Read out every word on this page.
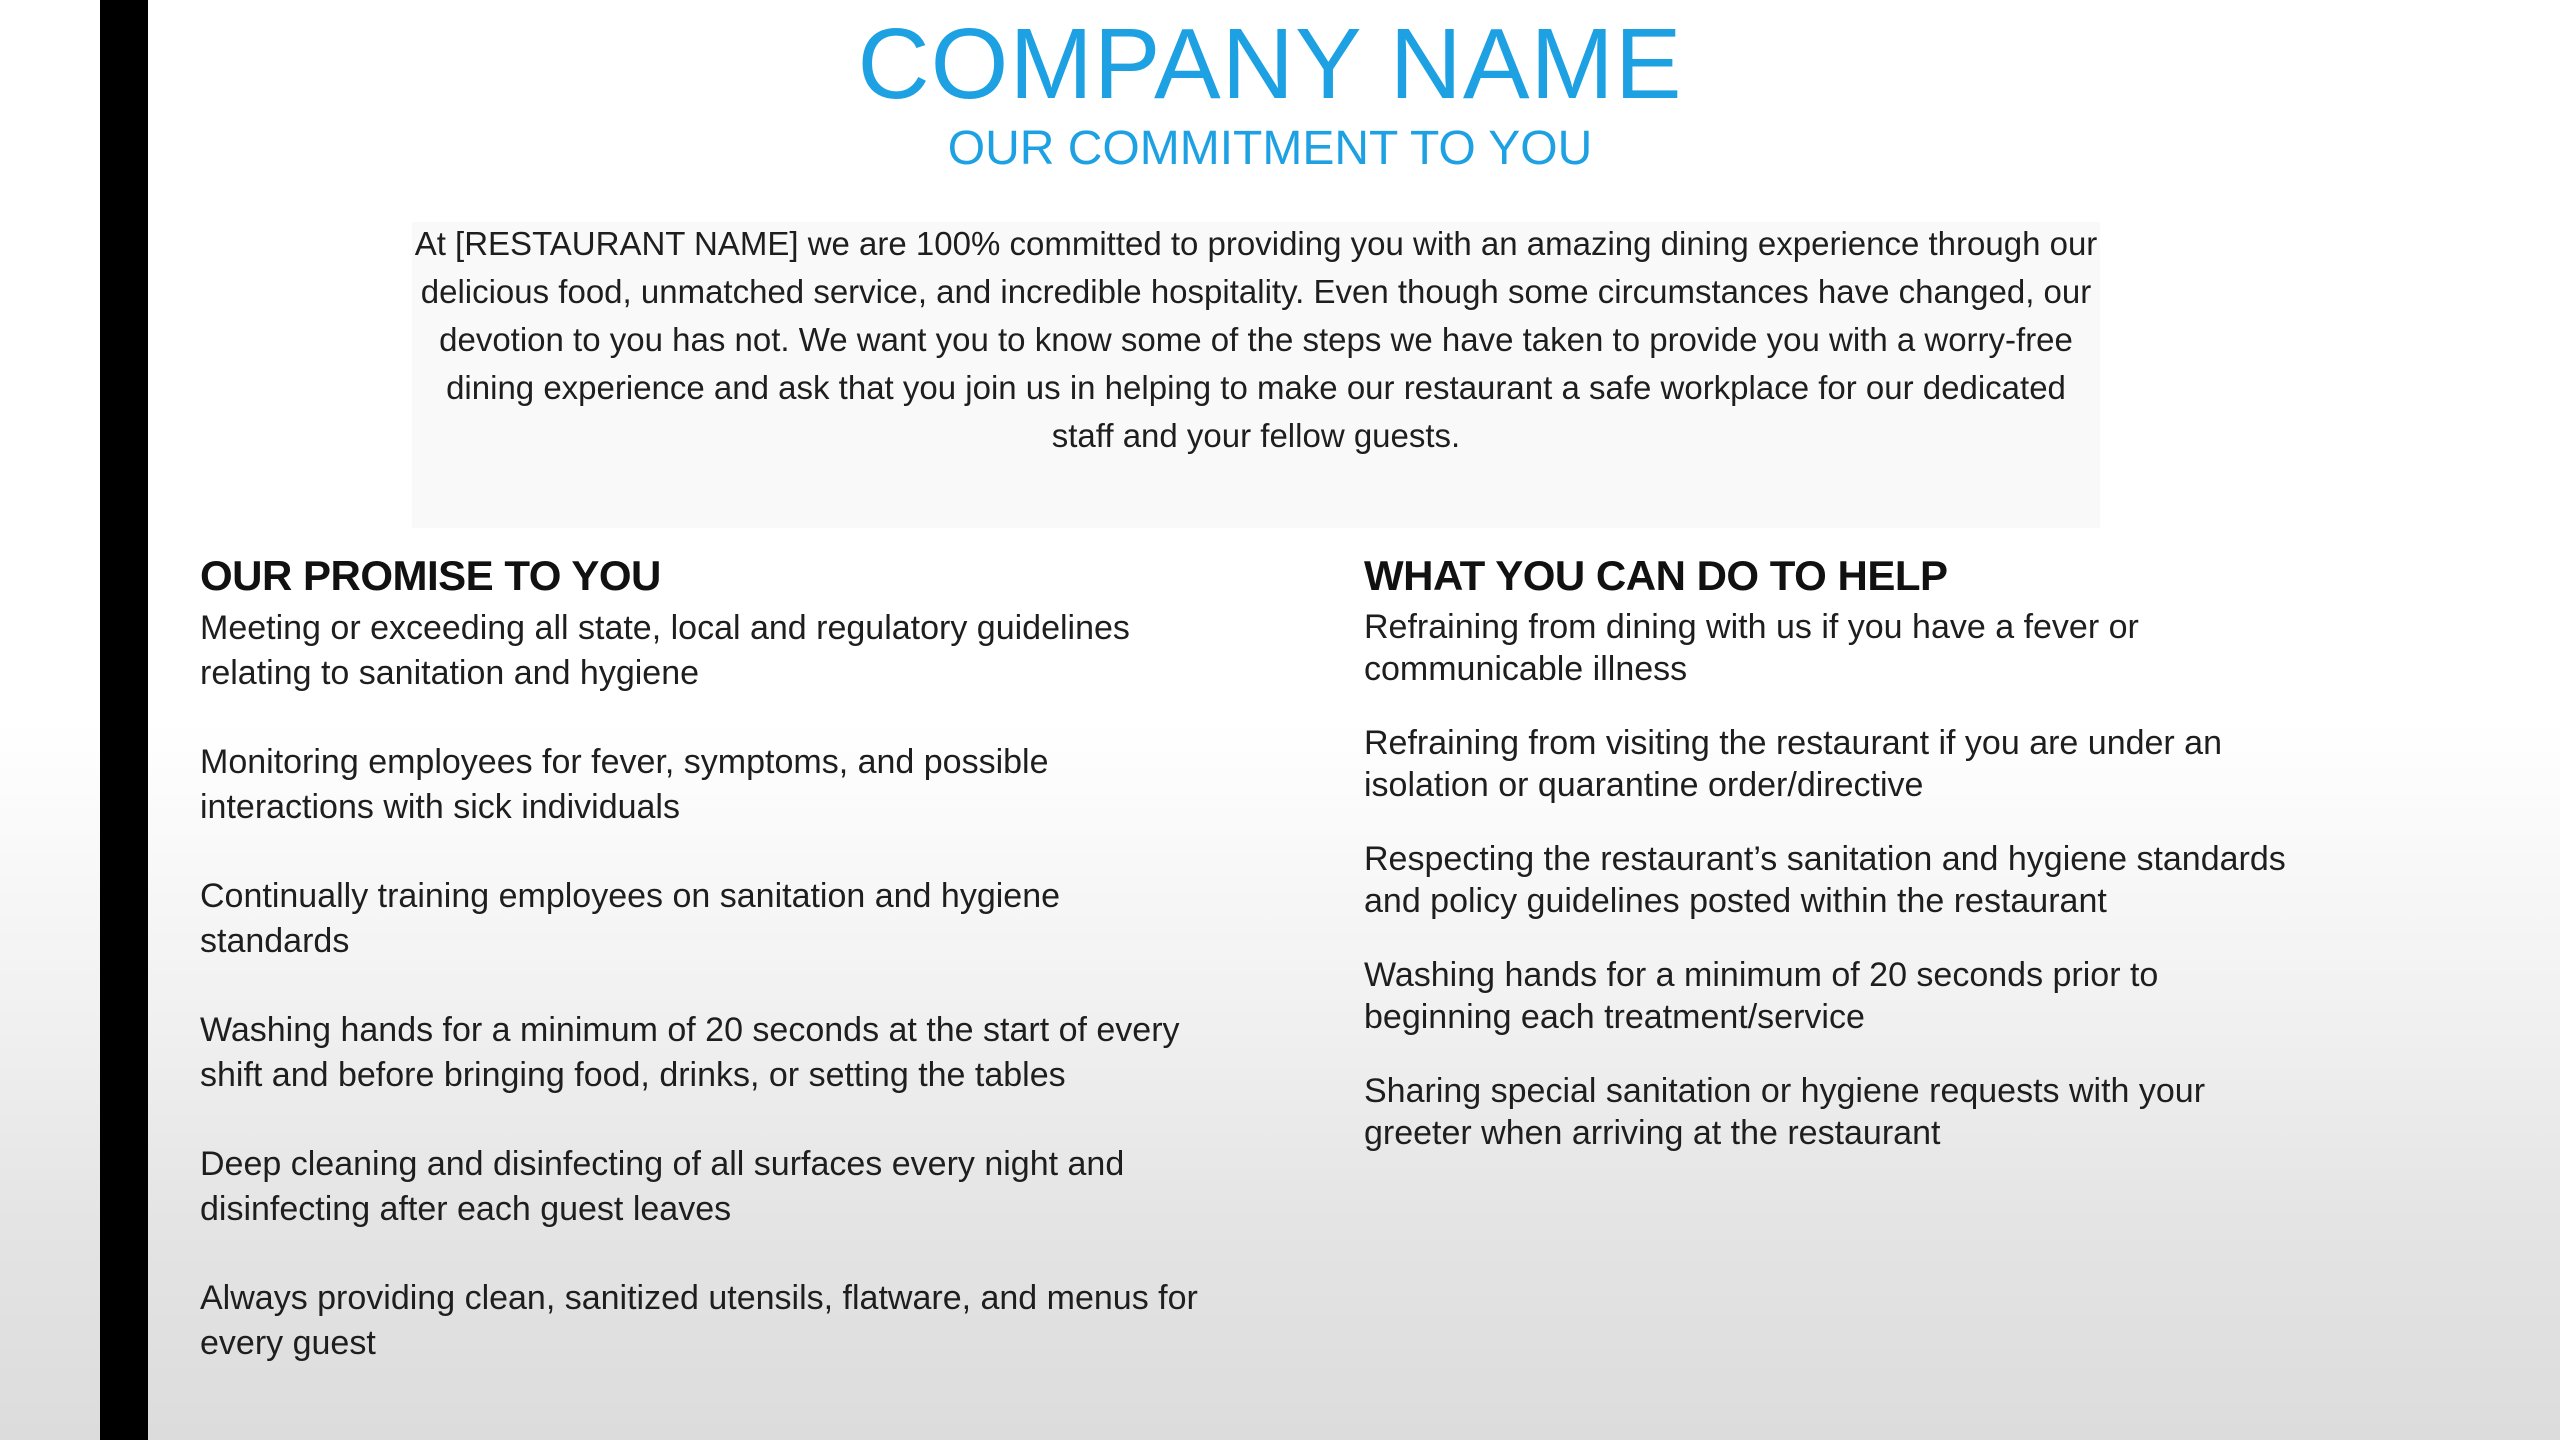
COMPANY NAME
OUR COMMITMENT TO YOU
At [RESTAURANT NAME] we are 100% committed to providing you with an amazing dining experience through our delicious food, unmatched service, and incredible hospitality. Even though some circumstances have changed, our devotion to you has not. We want you to know some of the steps we have taken to provide you with a worry-free dining experience and ask that you join us in helping to make our restaurant a safe workplace for our dedicated staff and your fellow guests.
OUR PROMISE TO YOU
Meeting or exceeding all state, local and regulatory guidelines relating to sanitation and hygiene
Monitoring employees for fever, symptoms, and possible interactions with sick individuals
Continually training employees on sanitation and hygiene standards
Washing hands for a minimum of 20 seconds at the start of every shift and before bringing food, drinks, or setting the tables
Deep cleaning and disinfecting of all surfaces every night and disinfecting after each guest leaves
Always providing clean, sanitized utensils, flatware, and menus for every guest
WHAT YOU CAN DO TO HELP
Refraining from dining with us if you have a fever or communicable illness
Refraining from visiting the restaurant if you are under an isolation or quarantine order/directive
Respecting the restaurant’s sanitation and hygiene standards and policy guidelines posted within the restaurant
Washing hands for a minimum of 20 seconds prior to beginning each treatment/service
Sharing special sanitation or hygiene requests with your greeter when arriving at the restaurant
